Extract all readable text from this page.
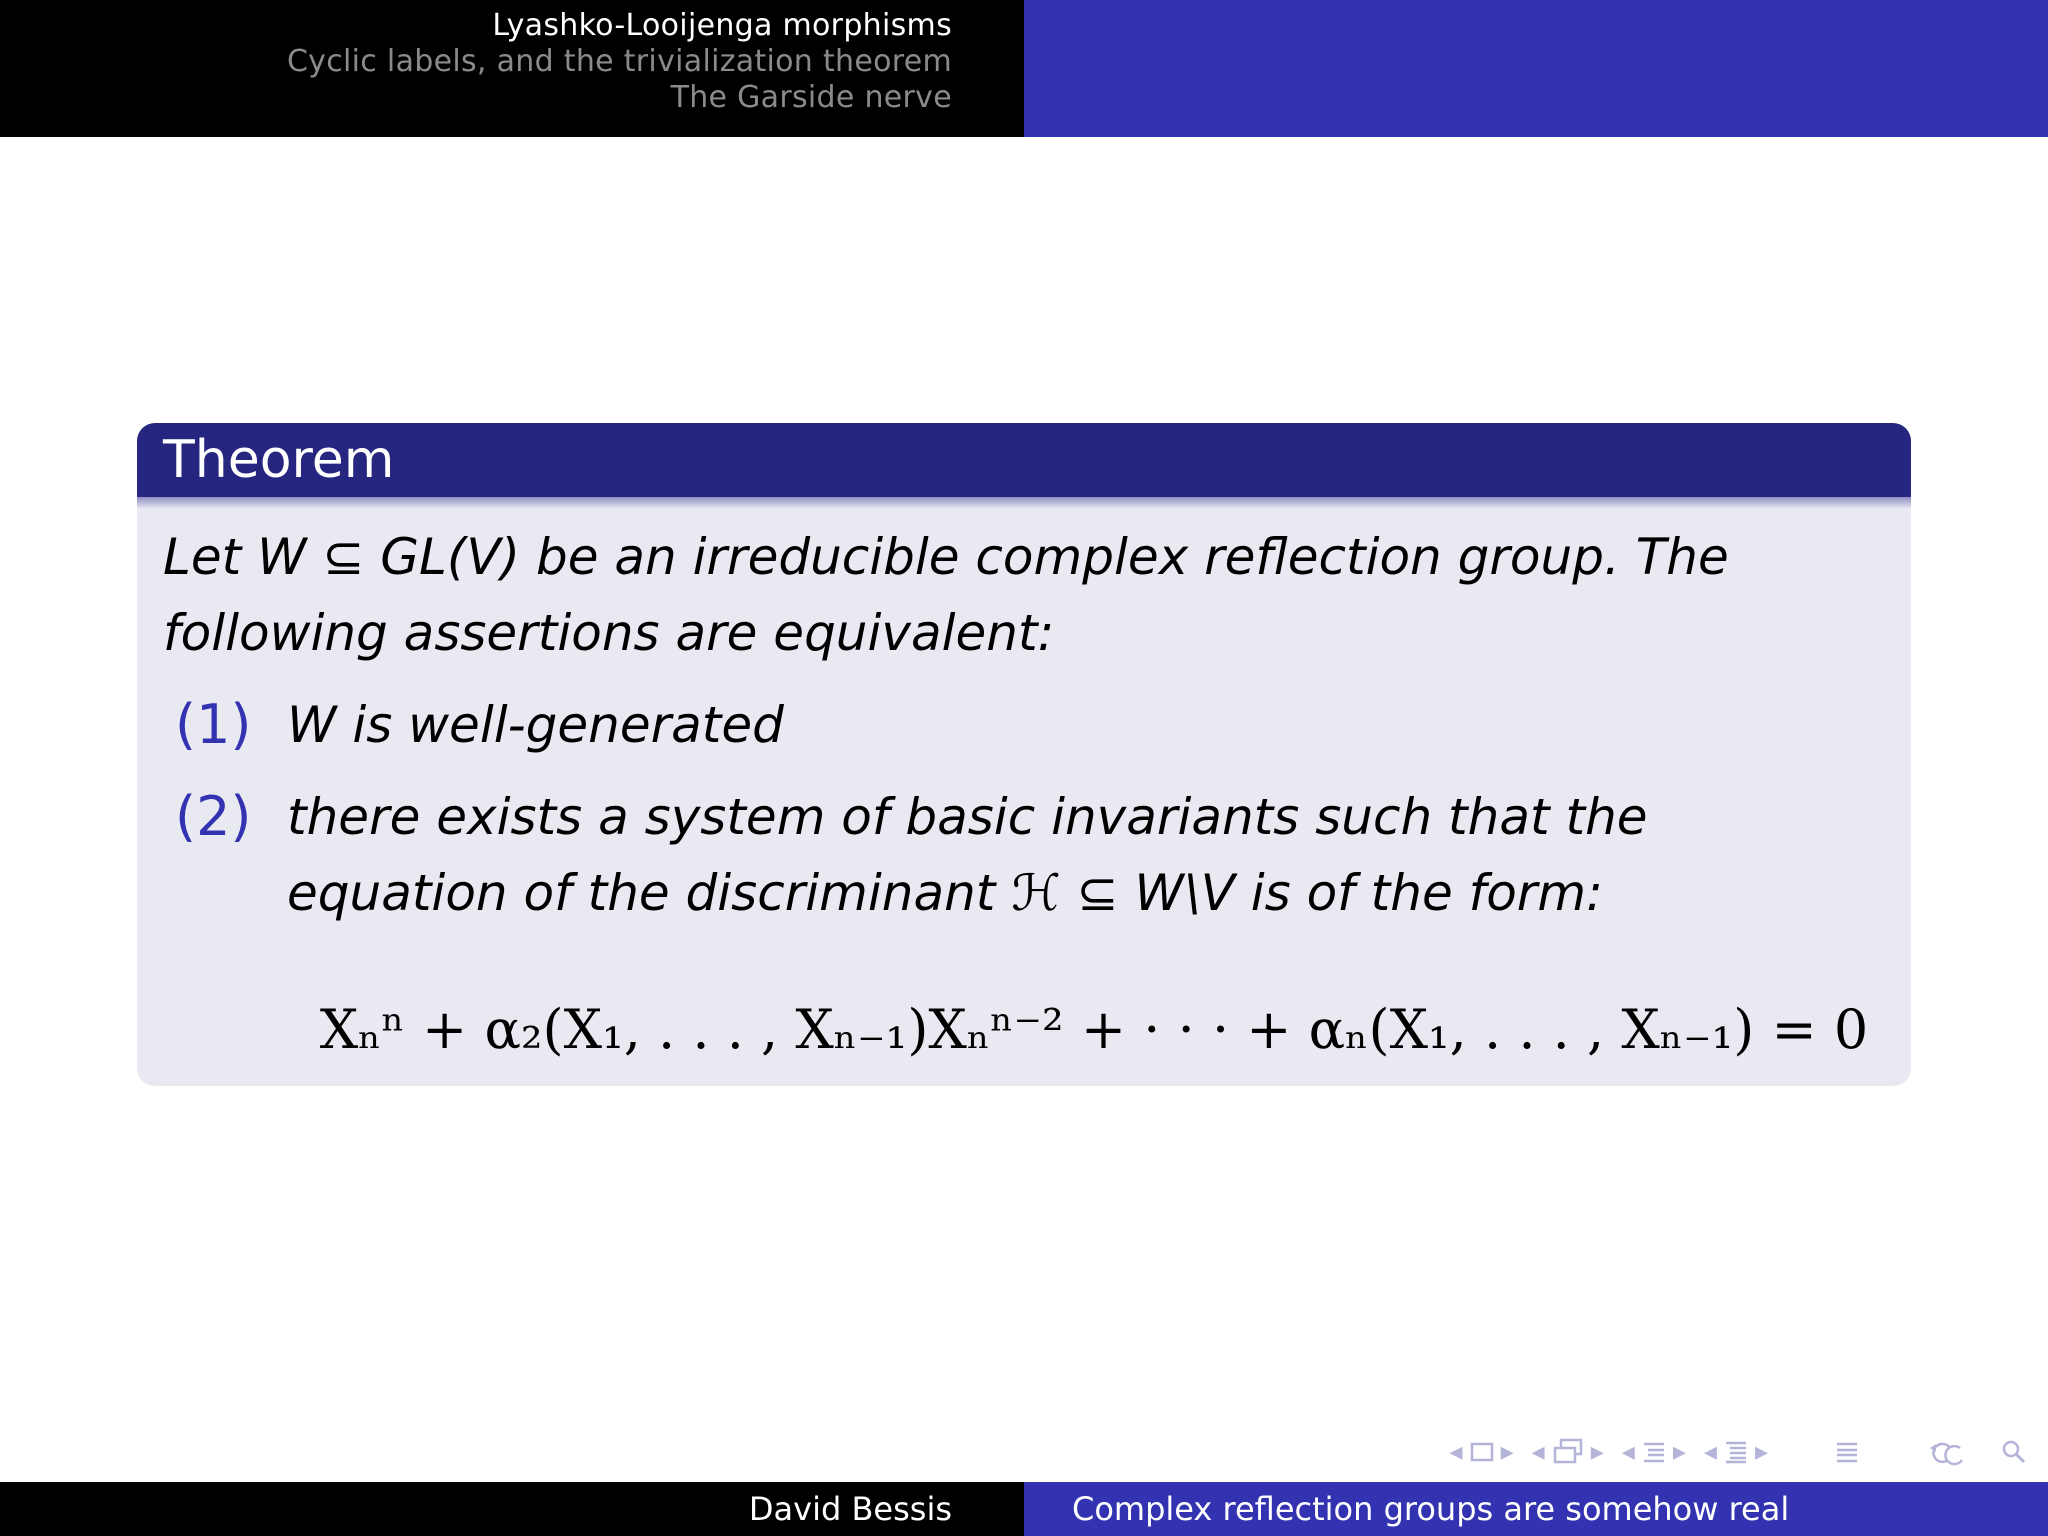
Lyashko-Looijenga morphisms
Cyclic labels, and the trivialization theorem
The Garside nerve
Theorem
Let W ⊆ GL(V) be an irreducible complex reflection group. The following assertions are equivalent:
(1) W is well-generated
(2) there exists a system of basic invariants such that the equation of the discriminant ℋ ⊆ W\V is of the form:
Xₙⁿ + α₂(X₁, . . . , Xₙ₋₁)Xₙⁿ⁻² + · · · + αₙ(X₁, . . . , Xₙ₋₁) = 0
◂ ▸ ◂ ▸ ◂ ▸ ◂ ▸
David Bessis	Complex reflection groups are somehow real
